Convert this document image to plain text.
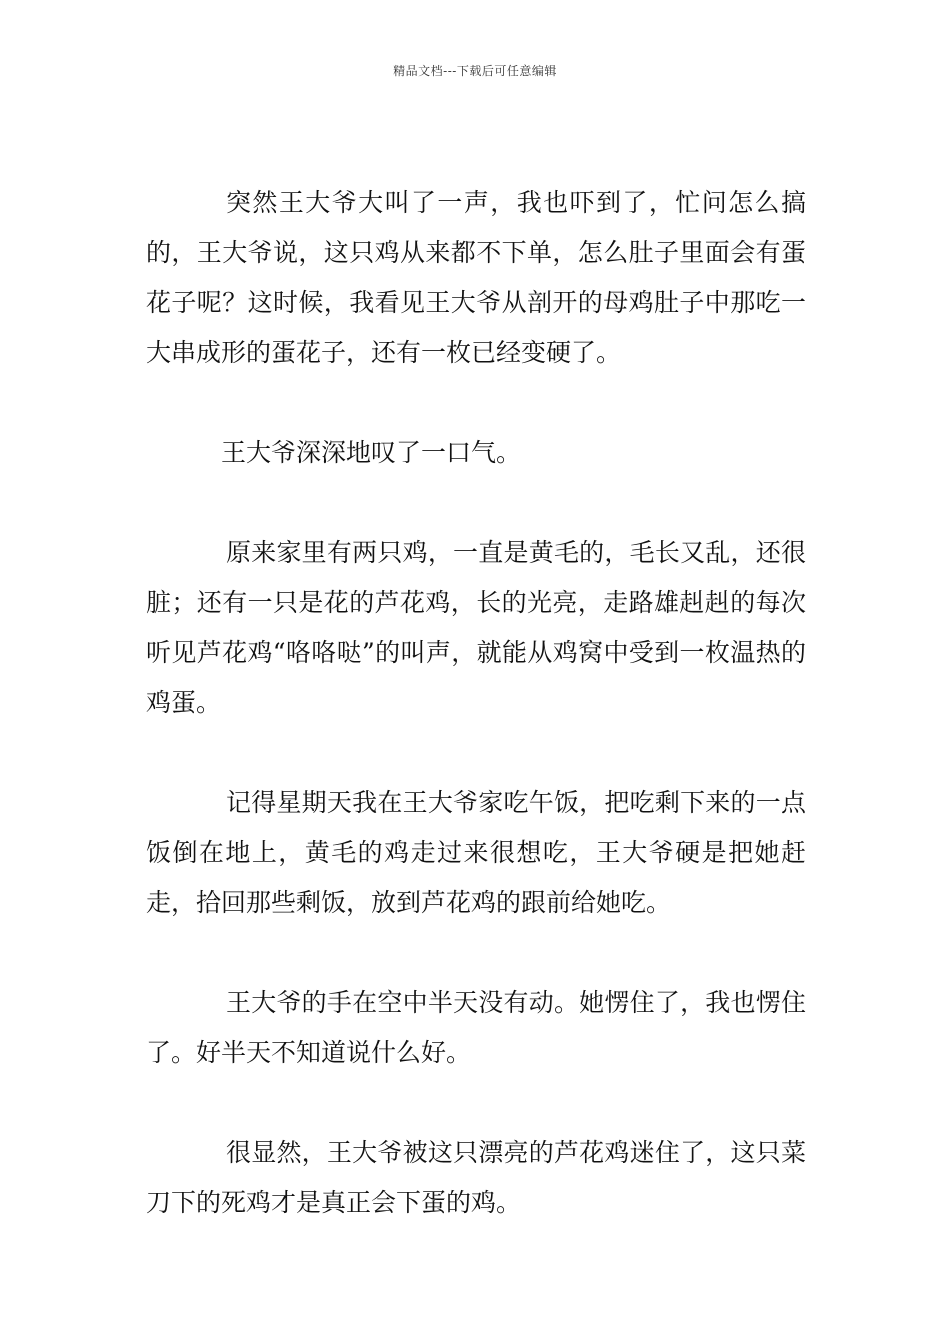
精品文档---下载后可任意编辑

突然王大爷大叫了一声，我也吓到了，忙问怎么搞的，王大爷说，这只鸡从来都不下单，怎么肚子里面会有蛋花子呢？这时候，我看见王大爷从剖开的母鸡肚子中那吃一大串成形的蛋花子，还有一枚已经变硬了。

王大爷深深地叹了一口气。

原来家里有两只鸡，一直是黄毛的，毛长又乱，还很脏；还有一只是花的芦花鸡，长的光亮，走路雄赳赳的每次听见芦花鸡“咯咯哒”的叫声，就能从鸡窝中受到一枚温热的鸡蛋。

记得星期天我在王大爷家吃午饭，把吃剩下来的一点饭倒在地上，黄毛的鸡走过来很想吃，王大爷硬是把她赶走，拾回那些剩饭，放到芦花鸡的跟前给她吃。

王大爷的手在空中半天没有动。她愣住了，我也愣住了。好半天不知道说什么好。

很显然，王大爷被这只漂亮的芦花鸡迷住了，这只菜刀下的死鸡才是真正会下蛋的鸡。
